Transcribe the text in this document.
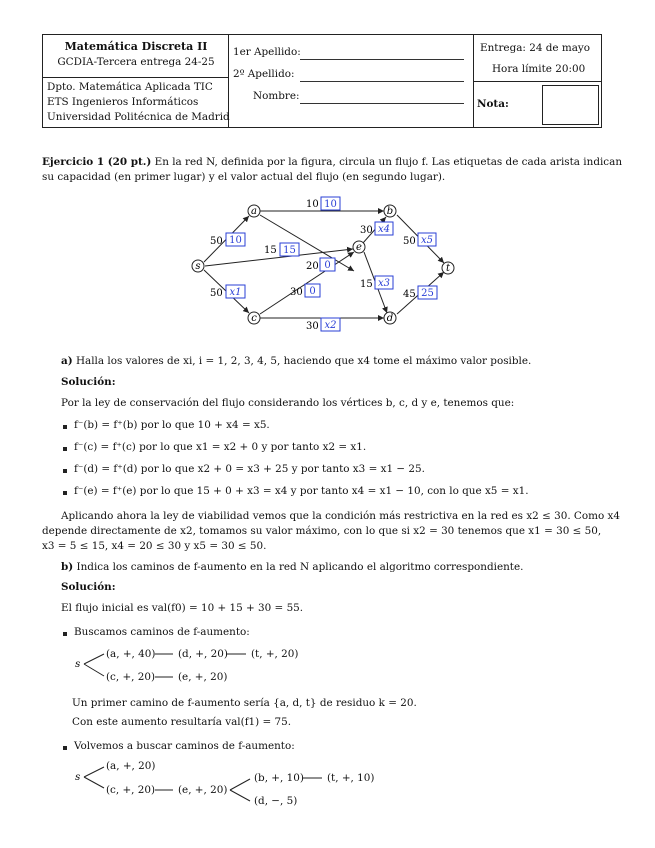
Matemática Discreta II
GCDIA-Tercera entrega 24-25
Dpto. Matemática Aplicada TIC
ETS Ingenieros Informáticos
Universidad Politécnica de Madrid
1er Apellido:
2º Apellido:
Nombre:
Entrega: 24 de mayo
Hora límite 20:00
Nota:
Ejercicio 1 (20 pt.) En la red N, definida por la figura, circula un flujo f. Las etiquetas de cada arista indican
su capacidad (en primer lugar) y el valor actual del flujo (en segundo lugar).
a	b
s
e
t
c	d
50 10
10 10
15 15
30 x4
50 x5
20 0
30 0
15 x3
45 25
50 x1
30 x2
a) Halla los valores de xi, i = 1, 2, 3, 4, 5, haciendo que x4 tome el máximo valor posible.
Solución:
Por la ley de conservación del flujo considerando los vértices b, c, d y e, tenemos que:
f⁻(b) = f⁺(b) por lo que 10 + x4 = x5.
f⁻(c) = f⁺(c) por lo que x1 = x2 + 0 y por tanto x2 = x1.
f⁻(d) = f⁺(d) por lo que x2 + 0 = x3 + 25 y por tanto x3 = x1 − 25.
f⁻(e) = f⁺(e) por lo que 15 + 0 + x3 = x4 y por tanto x4 = x1 − 10, con lo que x5 = x1.
Aplicando ahora la ley de viabilidad vemos que la condición más restrictiva en la red es x2 ≤ 30. Como x4
depende directamente de x2, tomamos su valor máximo, con lo que si x2 = 30 tenemos que x1 = 30 ≤ 50,
x3 = 5 ≤ 15, x4 = 20 ≤ 30 y x5 = 30 ≤ 50.
b) Indica los caminos de f-aumento en la red N aplicando el algoritmo correspondiente.
Solución:
El flujo inicial es val(f0) = 10 + 15 + 30 = 55.
Buscamos caminos de f-aumento:
s
(a, +, 40) (d, +, 20) (t, +, 20)
(c, +, 20) (e, +, 20)
Un primer camino de f-aumento sería {a, d, t} de residuo k = 20.
Con este aumento resultaría val(f1) = 75.
Volvemos a buscar caminos de f-aumento:
s
(a, +, 20)
(c, +, 20) (e, +, 20)
(b, +, 10) (t, +, 10)
(d, −, 5)
